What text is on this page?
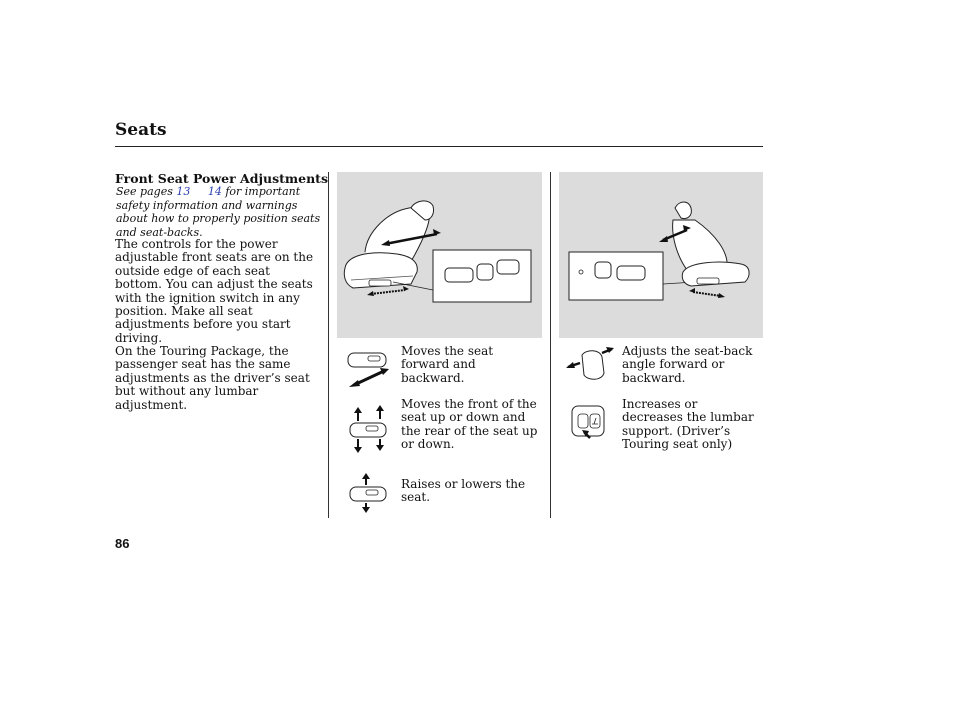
Seats
Front Seat Power Adjustments
See pages 13 14 for important safety information and warnings about how to properly position seats and seat-backs.
The controls for the power adjustable front seats are on the outside edge of each seat bottom. You can adjust the seats with the ignition switch in any position. Make all seat adjustments before you start driving.
On the Touring Package, the passenger seat has the same adjustments as the driver’s seat but without any lumbar adjustment.
Moves the seat forward and backward.
Moves the front of the seat up or down and the rear of the seat up or down.
Raises or lowers the seat.
Adjusts the seat-back angle forward or backward.
Increases or decreases the lumbar support. (Driver’s Touring seat only)
86
